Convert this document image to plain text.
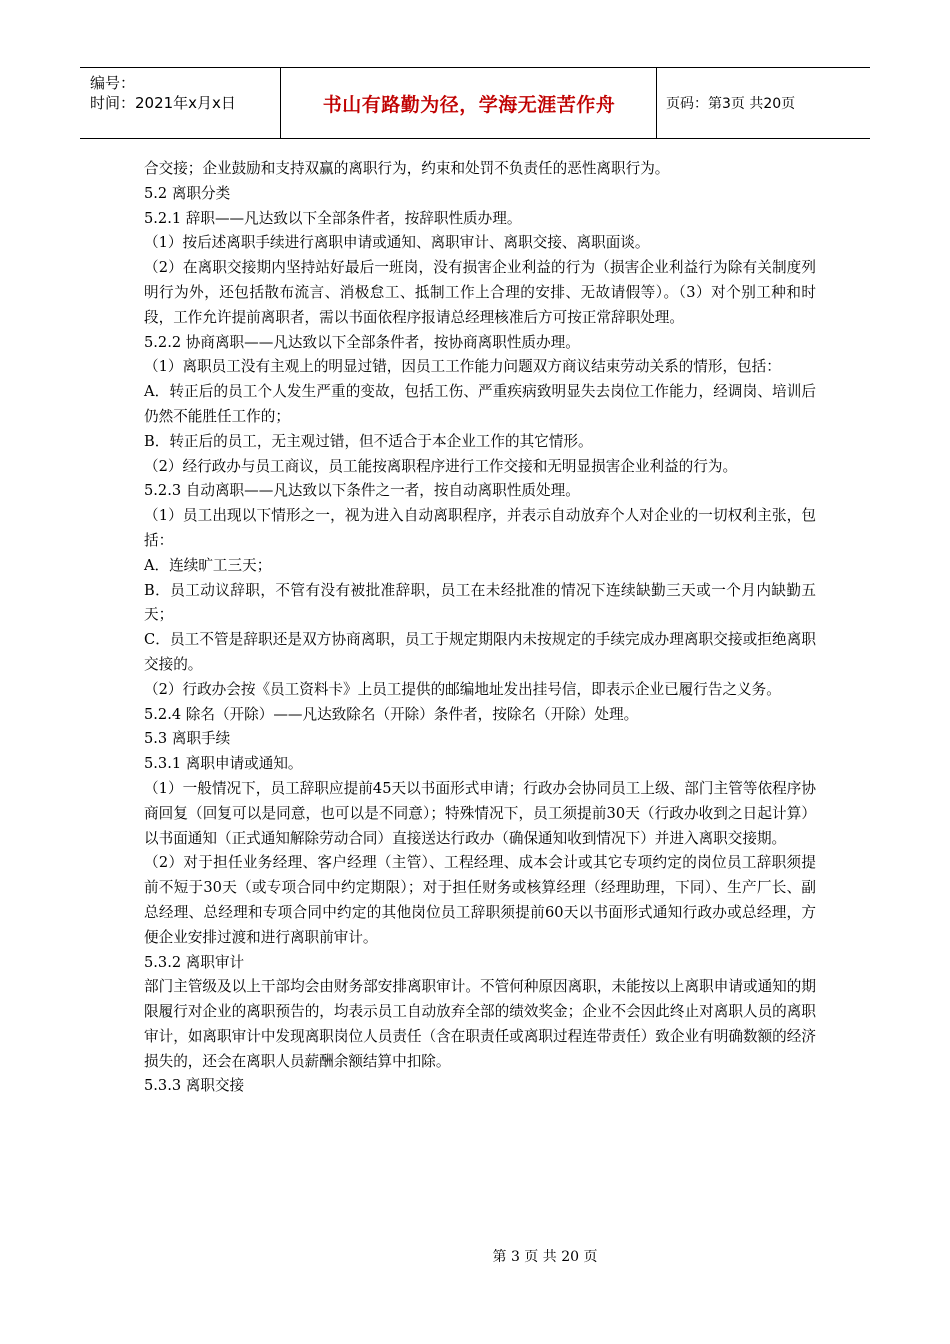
编号：
时间：2021年x月x日	书山有路勤为径，学海无涯苦作舟	页码：第3页 共20页

合交接；企业鼓励和支持双赢的离职行为，约束和处罚不负责任的恶性离职行为。

5.2 离职分类

5.2.1 辞职——凡达致以下全部条件者，按辞职性质办理。

（1）按后述离职手续进行离职申请或通知、离职审计、离职交接、离职面谈。

（2）在离职交接期内坚持站好最后一班岗，没有损害企业利益的行为（损害企业利益行为除有关制度列明行为外，还包括散布流言、消极怠工、抵制工作上合理的安排、无故请假等）。（3）对个别工种和时段，工作允许提前离职者，需以书面依程序报请总经理核准后方可按正常辞职处理。

5.2.2 协商离职——凡达致以下全部条件者，按协商离职性质办理。

（1）离职员工没有主观上的明显过错，因员工工作能力问题双方商议结束劳动关系的情形，包括：

A．转正后的员工个人发生严重的变故，包括工伤、严重疾病致明显失去岗位工作能力，经调岗、培训后仍然不能胜任工作的；

B．转正后的员工，无主观过错，但不适合于本企业工作的其它情形。

（2）经行政办与员工商议，员工能按离职程序进行工作交接和无明显损害企业利益的行为。

5.2.3 自动离职——凡达致以下条件之一者，按自动离职性质处理。

（1）员工出现以下情形之一，视为进入自动离职程序，并表示自动放弃个人对企业的一切权利主张，包括：

A．连续旷工三天；

B．员工动议辞职，不管有没有被批准辞职，员工在未经批准的情况下连续缺勤三天或一个月内缺勤五天；

C．员工不管是辞职还是双方协商离职，员工于规定期限内未按规定的手续完成办理离职交接或拒绝离职交接的。

（2）行政办会按《员工资料卡》上员工提供的邮编地址发出挂号信，即表示企业已履行告之义务。

5.2.4 除名（开除）——凡达致除名（开除）条件者，按除名（开除）处理。

5.3 离职手续

5.3.1 离职申请或通知。

（1）一般情况下，员工辞职应提前45天以书面形式申请；行政办会协同员工上级、部门主管等依程序协商回复（回复可以是同意，也可以是不同意）；特殊情况下，员工须提前30天（行政办收到之日起计算）以书面通知（正式通知解除劳动合同）直接送达行政办（确保通知收到情况下）并进入离职交接期。

（2）对于担任业务经理、客户经理（主管）、工程经理、成本会计或其它专项约定的岗位员工辞职须提前不短于30天（或专项合同中约定期限）；对于担任财务或核算经理（经理助理，下同）、生产厂长、副总经理、总经理和专项合同中约定的其他岗位员工辞职须提前60天以书面形式通知行政办或总经理，方便企业安排过渡和进行离职前审计。

5.3.2 离职审计

部门主管级及以上干部均会由财务部安排离职审计。不管何种原因离职，未能按以上离职申请或通知的期限履行对企业的离职预告的，均表示员工自动放弃全部的绩效奖金；企业不会因此终止对离职人员的离职审计，如离职审计中发现离职岗位人员责任（含在职责任或离职过程连带责任）致企业有明确数额的经济损失的，还会在离职人员薪酬余额结算中扣除。

5.3.3 离职交接

第 3 页 共 20 页
